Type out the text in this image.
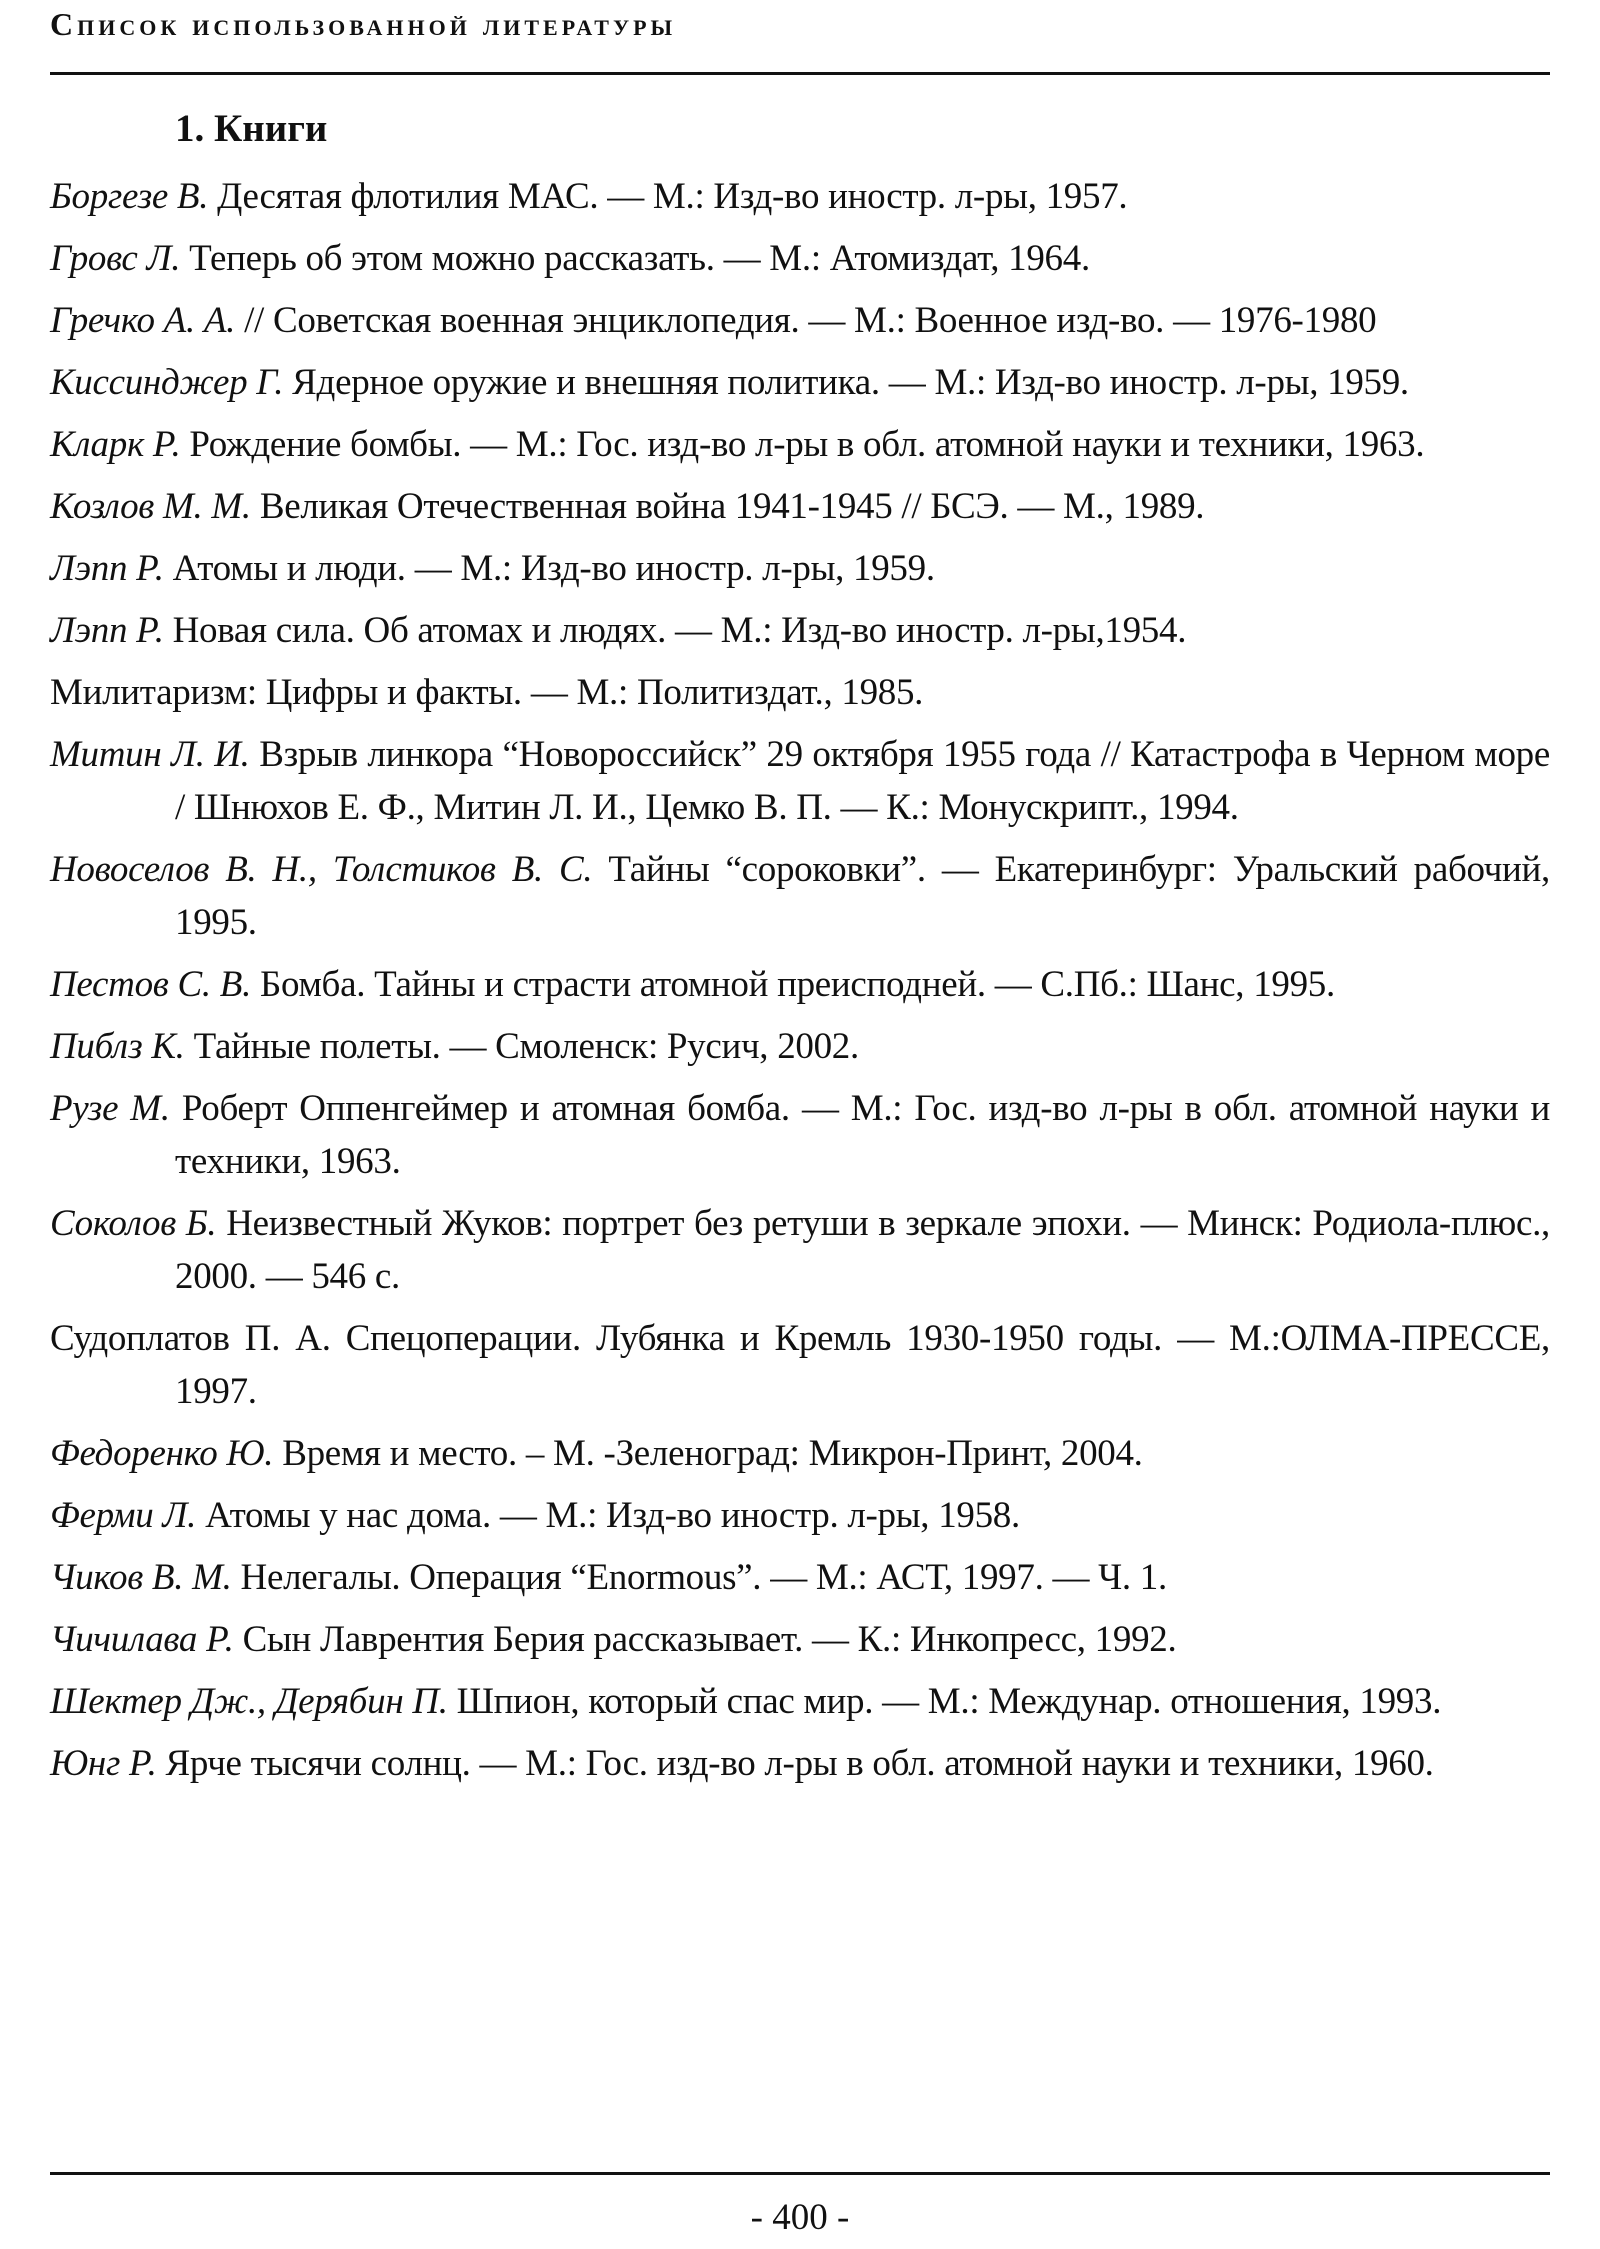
Список использованной литературы
1. Книги
Боргезе В. Десятая флотилия МАС. — М.: Изд-во иностр. л-ры, 1957.
Гровс Л. Теперь об этом можно рассказать. — М.: Атомиздат, 1964.
Гречко А. А. // Советская военная энциклопедия. — М.: Военное изд-во. — 1976-1980
Киссинджер Г. Ядерное оружие и внешняя политика. — М.: Изд-во иностр. л-ры, 1959.
Кларк Р. Рождение бомбы. — М.: Гос. изд-во л-ры в обл. атомной науки и техники, 1963.
Козлов М. М. Великая Отечественная война 1941-1945 // БСЭ. — М., 1989.
Лэпп Р. Атомы и люди. — М.: Изд-во иностр. л-ры, 1959.
Лэпп Р. Новая сила. Об атомах и людях. — М.: Изд-во иностр. л-ры,1954.
Милитаризм: Цифры и факты. — М.: Политиздат., 1985.
Митин Л. И. Взрыв линкора “Новороссийск” 29 октября 1955 года // Катастрофа в Черном море / Шнюхов Е. Ф., Митин Л. И., Цемко В. П. — К.: Монускрипт., 1994.
Новоселов В. Н., Толстиков В. С. Тайны “сороковки”. — Екатеринбург: Уральский рабочий, 1995.
Пестов С. В. Бомба. Тайны и страсти атомной преисподней. — С.Пб.: Шанс, 1995.
Пиблз К. Тайные полеты. — Смоленск: Русич, 2002.
Рузе М. Роберт Оппенгеймер и атомная бомба. — М.: Гос. изд-во л-ры в обл. атомной науки и техники, 1963.
Соколов Б. Неизвестный Жуков: портрет без ретуши в зеркале эпохи. — Минск: Родиола-плюс., 2000. — 546 с.
Судоплатов П. А. Спецоперации. Лубянка и Кремль 1930-1950 годы. — М.:ОЛМА-ПРЕССЕ, 1997.
Федоренко Ю. Время и место. – М. -Зеленоград: Микрон-Принт, 2004.
Ферми Л. Атомы у нас дома. — М.: Изд-во иностр. л-ры, 1958.
Чиков В. М. Нелегалы. Операция “Enormous”. — М.: АСТ, 1997. — Ч. 1.
Чичилава Р. Сын Лаврентия Берия рассказывает. — К.: Инкопресс, 1992.
Шектер Дж., Дерябин П. Шпион, который спас мир. — М.: Междунар. отношения, 1993.
Юнг Р. Ярче тысячи солнц. — М.: Гос. изд-во л-ры в обл. атомной науки и техники, 1960.
- 400 -
